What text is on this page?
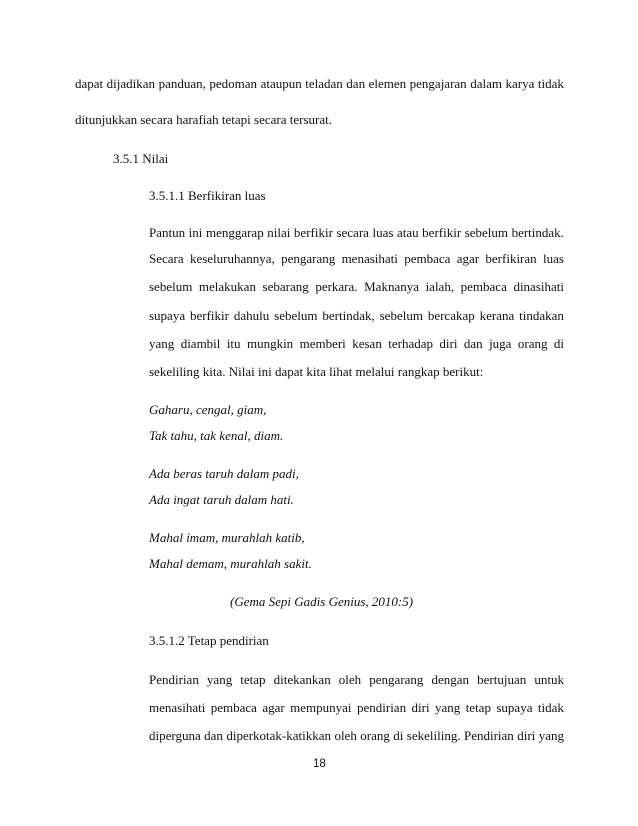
dapat dijadikan panduan, pedoman ataupun teladan dan elemen pengajaran dalam karya tidak
ditunjukkan secara harafiah tetapi secara tersurat.
3.5.1 Nilai
3.5.1.1 Berfikiran luas
Pantun ini menggarap nilai berfikir secara luas atau berfikir sebelum bertindak.
Secara keseluruhannya, pengarang menasihati pembaca agar berfikiran luas
sebelum melakukan sebarang perkara. Maknanya ialah, pembaca dinasihati
supaya berfikir dahulu sebelum bertindak, sebelum bercakap kerana tindakan
yang diambil itu mungkin memberi kesan terhadap diri dan juga orang di
sekeliling kita. Nilai ini dapat kita lihat melalui rangkap berikut:
Gaharu, cengal, giam,
Tak tahu, tak kenal, diam.
Ada beras taruh dalam padi,
Ada ingat taruh dalam hati.
Mahal imam, murahlah katib,
Mahal demam, murahlah sakit.
(Gema Sepi Gadis Genius, 2010:5)
3.5.1.2 Tetap pendirian
Pendirian yang tetap ditekankan oleh pengarang dengan bertujuan untuk
menasihati pembaca agar mempunyai pendirian diri yang tetap supaya tidak
diperguna dan diperkotak-katikkan oleh orang di sekeliling. Pendirian diri yang
18
